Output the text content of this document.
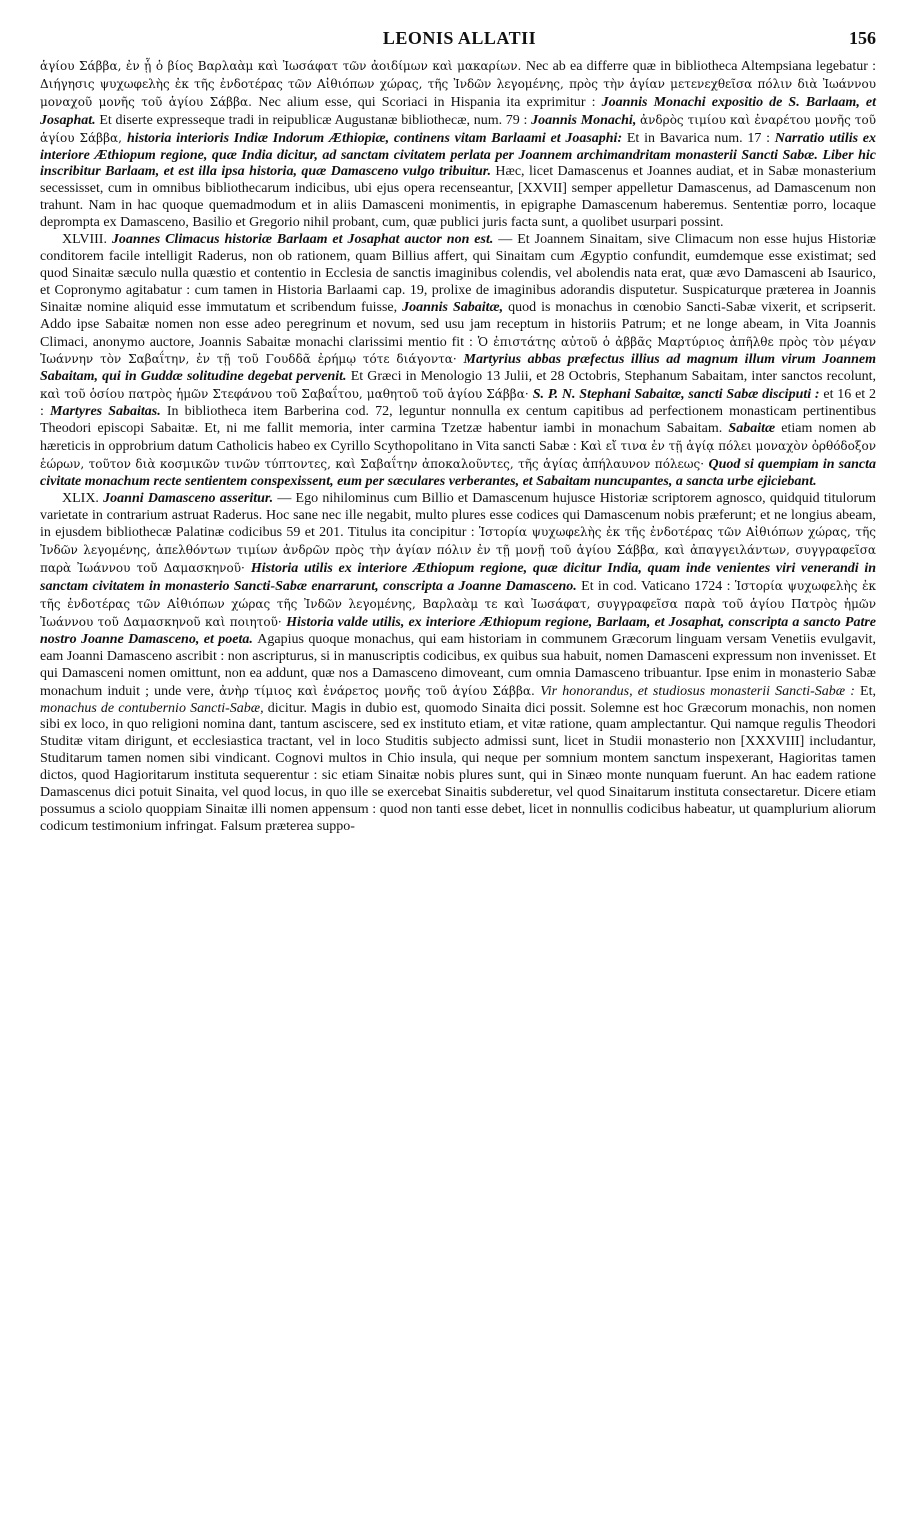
LEONIS ALLATII	156

ἁγίου Σάββα, ἐν ᾗ ὁ βίος Βαρλαὰμ καὶ Ἰωσάφατ τῶν ἀοιδίμων καὶ μακαρίων. Nec ab ea differre quæ in bibliotheca Altempsiana legebatur : Διήγησις ψυχωφελὴς ἐκ τῆς ἐνδοτέρας τῶν Αἰθιόπων χώρας, τῆς Ἰνδῶν λεγομένης, πρὸς τὴν ἁγίαν μετενεχθεῖσα πόλιν διὰ Ἰωάννου μοναχοῦ μονῆς τοῦ ἁγίου Σάββα. Nec alium esse, qui Scoriaci in Hispania ita exprimitur : Joannis Monachi expositio de S. Barlaam, et Josaphat. Et diserte expresseque tradi in reipublicæ Augustanæ bibliothecæ, num. 79 : Joannis Monachi, ἀνδρὸς τιμίου καὶ ἐναρέτου μονῆς τοῦ ἁγίου Σάββα, historia interioris Indiæ Indorum Æthiopiæ, continens vitam Barlaami et Joasaphi: Et in Bavarica num. 17 : Narratio utilis ex interiore Æthiopum regione, quæ India dicitur, ad sanctam civitatem perlata per Joannem archimandritam monasterii Sancti Sabæ. Liber hic inscribitur Barlaam, et est illa ipsa historia, quæ Damasceno vulgo tribuitur. Hæc, licet Damascenus et Joannes audiat, et in Sabæ monasterium secessisset, cum in omnibus bibliothecarum indicibus, ubi ejus opera recenseantur, [XXVII] semper appelletur Damascenus, ad Damascenum non trahunt. Nam in hac quoque quemadmodum et in aliis Damasceni monimentis, in epigraphe Damascenum haberemus. Sententiæ porro, locaque deprompta ex Damasceno, Basilio et Gregorio nihil probant, cum, quæ publici juris facta sunt, a quolibet usurpari possint.

XLVIII. Joannes Climacus historiæ Barlaam et Josaphat auctor non est. — Et Joannem Sinaitam, sive Climacum non esse hujus Historiæ conditorem facile intelligit Raderus, non ob rationem, quam Billius affert, qui Sinaitam cum Ægyptio confundit, eumdemque esse existimat; sed quod Sinaitæ sæculo nulla quæstio et contentio in Ecclesia de sanctis imaginibus colendis, vel abolendis nata erat, quæ ævo Damasceni ab Isaurico, et Copronymo agitabatur : cum tamen in Historia Barlaami cap. 19, prolixe de imaginibus adorandis disputetur. Suspicaturque præterea in Joannis Sinaitæ nomine aliquid esse immutatum et scribendum fuisse, Joannis Sabaitæ, quod is monachus in cœnobio Sancti-Sabæ vixerit, et scripserit. Addo ipse Sabaitæ nomen non esse adeo peregrinum et novum, sed usu jam receptum in historiis Patrum; et ne longe abeam, in Vita Joannis Climaci, anonymo auctore, Joannis Sabaitæ monachi clarissimi mentio fit : Ὁ ἐπιστάτης αὐτοῦ ὁ ἀββᾶς Μαρτύριος ἀπῆλθε πρὸς τὸν μέγαν Ἰωάννην τὸν Σαβαΐτην, ἐν τῇ τοῦ Γουδδᾶ ἐρήμῳ τότε διάγοντα· Martyrius abbas præfectus illius ad magnum illum virum Joannem Sabaitam, qui in Guddæ solitudine degebat pervenit. Et Græci in Menologio 13 Julii, et 28 Octobris, Stephanum Sabaitam, inter sanctos recolunt, καὶ τοῦ ὁσίου πατρὸς ἡμῶν Στεφάνου τοῦ Σαβαΐτου, μαθητοῦ τοῦ ἁγίου Σάββα· S. P. N. Stephani Sabaitæ, sancti Sabæ disciputi : et 16 et 2 : Martyres Sabaitas. In bibliotheca item Barberina cod. 72, leguntur nonnulla ex centum capitibus ad perfectionem monasticam pertinentibus Theodori episcopi Sabaitæ. Et, ni me fallit memoria, inter carmina Tzetzæ habentur iambi in monachum Sabaitam. Sabaitæ etiam nomen ab hæreticis in opprobrium datum Catholicis habeo ex Cyrillo Scythopolitano in Vita sancti Sabæ : Καὶ εἴ τινα ἐν τῇ ἁγίᾳ πόλει μοναχὸν ὀρθόδοξον ἑώρων, τοῦτον διὰ κοσμικῶν τινῶν τύπτοντες, καὶ Σαβαΐτην ἀποκαλοῦντες, τῆς ἁγίας ἀπήλαυνον πόλεως· Quod si quempiam in sancta civitate monachum recte sentientem conspexissent, eum per sæculares verberantes, et Sabaitam nuncupantes, a sancta urbe ejiciebant.

XLIX. Joanni Damasceno asseritur. — Ego nihilominus cum Billio et Damascenum hujusce Historiæ scriptorem agnosco, quidquid titulorum varietate in contrarium astruat Raderus. Hoc sane nec ille negabit, multo plures esse codices qui Damascenum nobis præferunt; et ne longius abeam, in ejusdem bibliothecæ Palatinæ codicibus 59 et 201. Titulus ita concipitur : Ἱστορία ψυχωφελὴς ἐκ τῆς ἐνδοτέρας τῶν Αἰθιόπων χώρας, τῆς Ἰνδῶν λεγομένης, ἀπελθόντων τιμίων ἀνδρῶν πρὸς τὴν ἁγίαν πόλιν ἐν τῇ μονῇ τοῦ ἁγίου Σάββα, καὶ ἀπαγγειλάντων, συγγραφεῖσα παρὰ Ἰωάννου τοῦ Δαμασκηνοῦ· Historia utilis ex interiore Æthiopum regione, quæ dicitur India, quam inde venientes viri venerandi in sanctam civitatem in monasterio Sancti-Sabæ enarrarunt, conscripta a Joanne Damasceno. Et in cod. Vaticano 1724 : Ἱστορία ψυχωφελὴς ἐκ τῆς ἐνδοτέρας τῶν Αἰθιόπων χώρας τῆς Ἰνδῶν λεγομένης, Βαρλαὰμ τε καὶ Ἰωσάφατ, συγγραφεῖσα παρὰ τοῦ ἁγίου Πατρὸς ἡμῶν Ἰωάννου τοῦ Δαμασκηνοῦ καὶ ποιητοῦ· Historia valde utilis, ex interiore Æthiopum regione, Barlaam, et Josaphat, conscripta a sancto Patre nostro Joanne Damasceno, et poeta. Agapius quoque monachus, qui eam historiam in communem Græcorum linguam versam Venetiis evulgavit, eam Joanni Damasceno ascribit : non ascripturus, si in manuscriptis codicibus, ex quibus sua habuit, nomen Damasceni expressum non invenisset. Et qui Damasceni nomen omittunt, non ea addunt, quæ nos a Damasceno dimoveant, cum omnia Damasceno tribuantur. Ipse enim in monasterio Sabæ monachum induit ; unde vere, ἀνὴρ τίμιος καὶ ἐνάρετος μονῆς τοῦ ἁγίου Σάββα. Vir honorandus, et studiosus monasterii Sancti-Sabæ : Et, monachus de contubernio Sancti-Sabæ, dicitur. Magis in dubio est, quomodo Sinaita dici possit. Solemne est hoc Græcorum monachis, non nomen sibi ex loco, in quo religioni nomina dant, tantum asciscere, sed ex instituto etiam, et vitæ ratione, quam amplectantur. Qui namque regulis Theodori Studitæ vitam dirigunt, et ecclesiastica tractant, vel in loco Studitis subjecto admissi sunt, licet in Studii monasterio non [XXXVIII] includantur, Studitarum tamen nomen sibi vindicant. Cognovi multos in Chio insula, qui neque per somnium montem sanctum inspexerant, Hagioritas tamen dictos, quod Hagioritarum instituta sequerentur : sic etiam Sinaitæ nobis plures sunt, qui in Sinæo monte nunquam fuerunt. An hac eadem ratione Damascenus dici potuit Sinaita, vel quod locus, in quo ille se exercebat Sinaitis subderetur, vel quod Sinaitarum instituta consectaretur. Dicere etiam possumus a sciolo quoppiam Sinaitæ illi nomen appensum : quod non tanti esse debet, licet in nonnullis codicibus habeatur, ut quamplurium aliorum codicum testimonium infringat. Falsum præterea suppo-
